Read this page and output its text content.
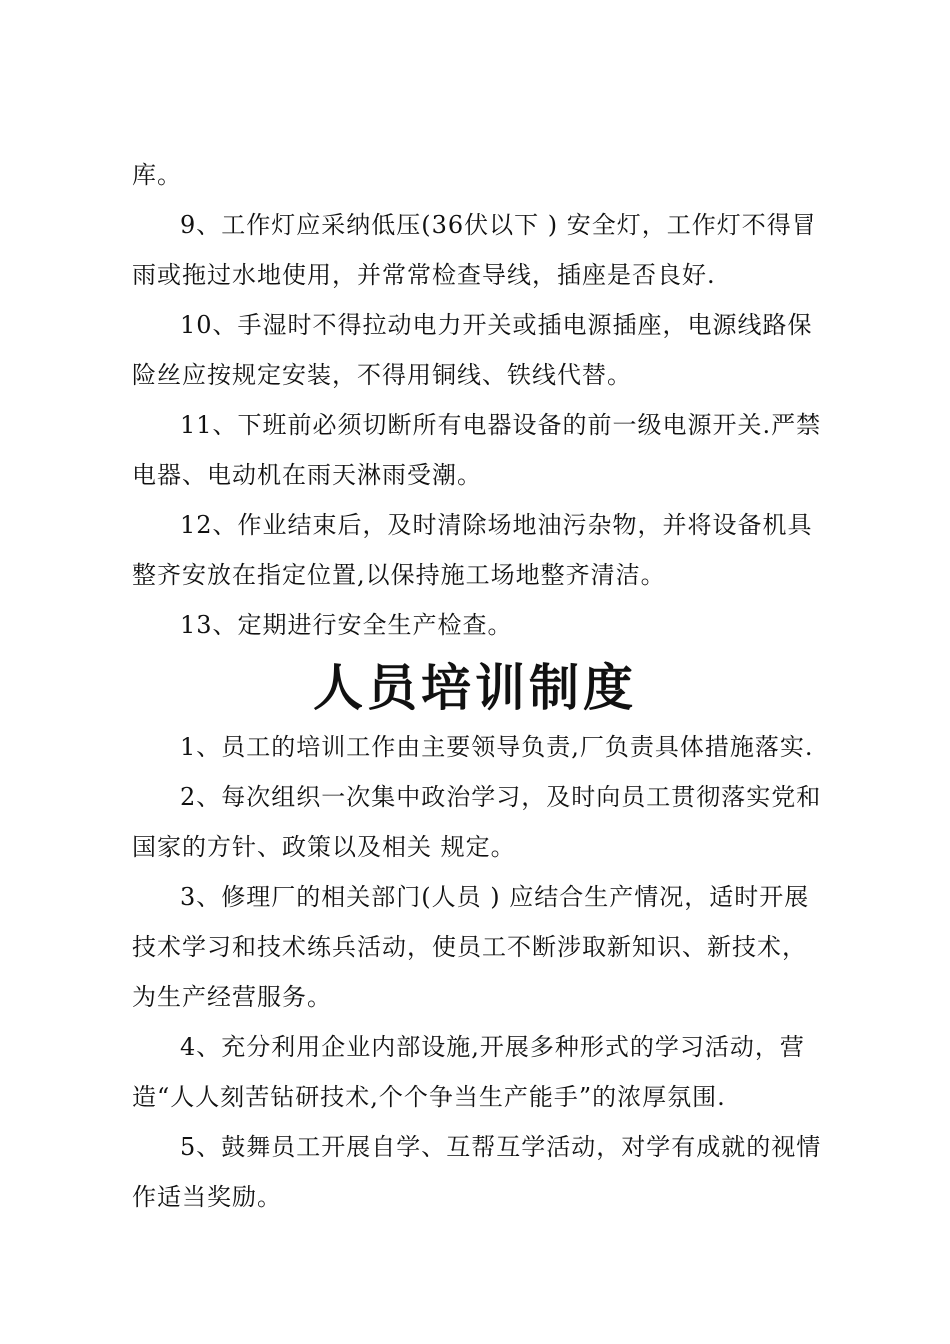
库。
9、工作灯应采纳低压(36伏以下 ) 安全灯，工作灯不得冒
雨或拖过水地使用，并常常检查导线，插座是否良好.
10、手湿时不得拉动电力开关或插电源插座，电源线路保
险丝应按规定安装，不得用铜线、铁线代替。
11、下班前必须切断所有电器设备的前一级电源开关.严禁
电器、电动机在雨天淋雨受潮。
12、作业结束后，及时清除场地油污杂物，并将设备机具
整齐安放在指定位置,以保持施工场地整齐清洁。
13、定期进行安全生产检查。
人员培训制度
1、员工的培训工作由主要领导负责,厂负责具体措施落实.
2、每次组织一次集中政治学习，及时向员工贯彻落实党和
国家的方针、政策以及相关 规定。
3、修理厂的相关部门(人员 ) 应结合生产情况，适时开展
技术学习和技术练兵活动，使员工不断涉取新知识、新技术，
为生产经营服务。
4、充分利用企业内部设施,开展多种形式的学习活动，营
造“人人刻苦钻研技术,个个争当生产能手”的浓厚氛围.
5、鼓舞员工开展自学、互帮互学活动，对学有成就的视情
作适当奖励。
